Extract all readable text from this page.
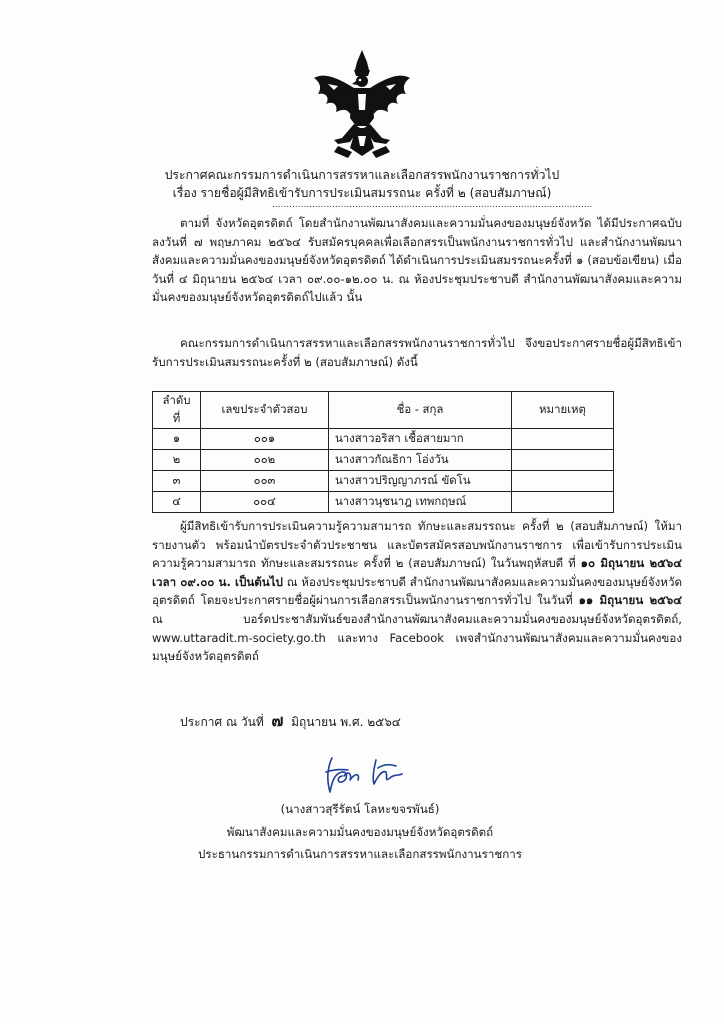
ประกาศคณะกรรมการดำเนินการสรรหาและเลือกสรรพนักงานราชการทั่วไป
เรื่อง รายชื่อผู้มีสิทธิเข้ารับการประเมินสมรรถนะ ครั้งที่ ๒ (สอบสัมภาษณ์)
................................................................................................................
ตามที่ จังหวัดอุตรดิตถ์ โดยสำนักงานพัฒนาสังคมและความมั่นคงของมนุษย์จังหวัด ได้มีประกาศฉบับลงวันที่ ๗ พฤษภาคม ๒๕๖๔ รับสมัครบุคคลเพื่อเลือกสรรเป็นพนักงานราชการทั่วไป และสำนักงานพัฒนาสังคมและความมั่นคงของมนุษย์จังหวัดอุตรดิตถ์ ได้ดำเนินการประเมินสมรรถนะครั้งที่ ๑ (สอบข้อเขียน) เมื่อวันที่ ๔ มิถุนายน ๒๕๖๔ เวลา ๐๙.๐๐-๑๒.๐๐ น. ณ ห้องประชุมประชาบดี สำนักงานพัฒนาสังคมและความมั่นคงของมนุษย์จังหวัดอุตรดิตถ์ไปแล้ว นั้น
คณะกรรมการดำเนินการสรรหาและเลือกสรรพนักงานราชการทั่วไป จึงขอประกาศรายชื่อผู้มีสิทธิเข้ารับการประเมินสมรรถนะครั้งที่ ๒ (สอบสัมภาษณ์) ดังนี้
ลำดับที่	เลขประจำตัวสอบ	ชื่อ - สกุล	หมายเหตุ
๑	๐๐๑	นางสาวอริสา เชื้อสายมาก	
๒	๐๐๒	นางสาวกัณธิกา โอ่งวัน	
๓	๐๐๓	นางสาวปริญญาภรณ์ ขัดโน	
๔	๐๐๔	นางสาวนุชนาฎ เทพกฤษณ์	
ผู้มีสิทธิเข้ารับการประเมินความรู้ความสามารถ ทักษะและสมรรถนะ ครั้งที่ ๒ (สอบสัมภาษณ์) ให้มารายงานตัว พร้อมนำบัตรประจำตัวประชาชน และบัตรสมัครสอบพนักงานราชการ เพื่อเข้ารับการประเมินความรู้ความสามารถ ทักษะและสมรรถนะ ครั้งที่ ๒ (สอบสัมภาษณ์) ในวันพฤหัสบดี ที่ ๑๐ มิถุนายน ๒๕๖๔ เวลา ๐๙.๐๐ น. เป็นต้นไป ณ ห้องประชุมประชาบดี สำนักงานพัฒนาสังคมและความมั่นคงของมนุษย์จังหวัดอุตรดิตถ์ โดยจะประกาศรายชื่อผู้ผ่านการเลือกสรรเป็นพนักงานราชการทั่วไป ในวันที่ ๑๑ มิถุนายน ๒๕๖๔ ณ บอร์ดประชาสัมพันธ์ของสำนักงานพัฒนาสังคมและความมั่นคงของมนุษย์จังหวัดอุตรดิตถ์, www.uttaradit.m-society.go.th และทาง Facebook เพจสำนักงานพัฒนาสังคมและความมั่นคงของมนุษย์จังหวัดอุตรดิตถ์
ประกาศ ณ วันที่ ๗ มิถุนายน พ.ศ. ๒๕๖๔
(นางสาวสุรีรัตน์ โลหะขจรพันธ์)
พัฒนาสังคมและความมั่นคงของมนุษย์จังหวัดอุตรดิตถ์
ประธานกรรมการดำเนินการสรรหาและเลือกสรรพนักงานราชการ
